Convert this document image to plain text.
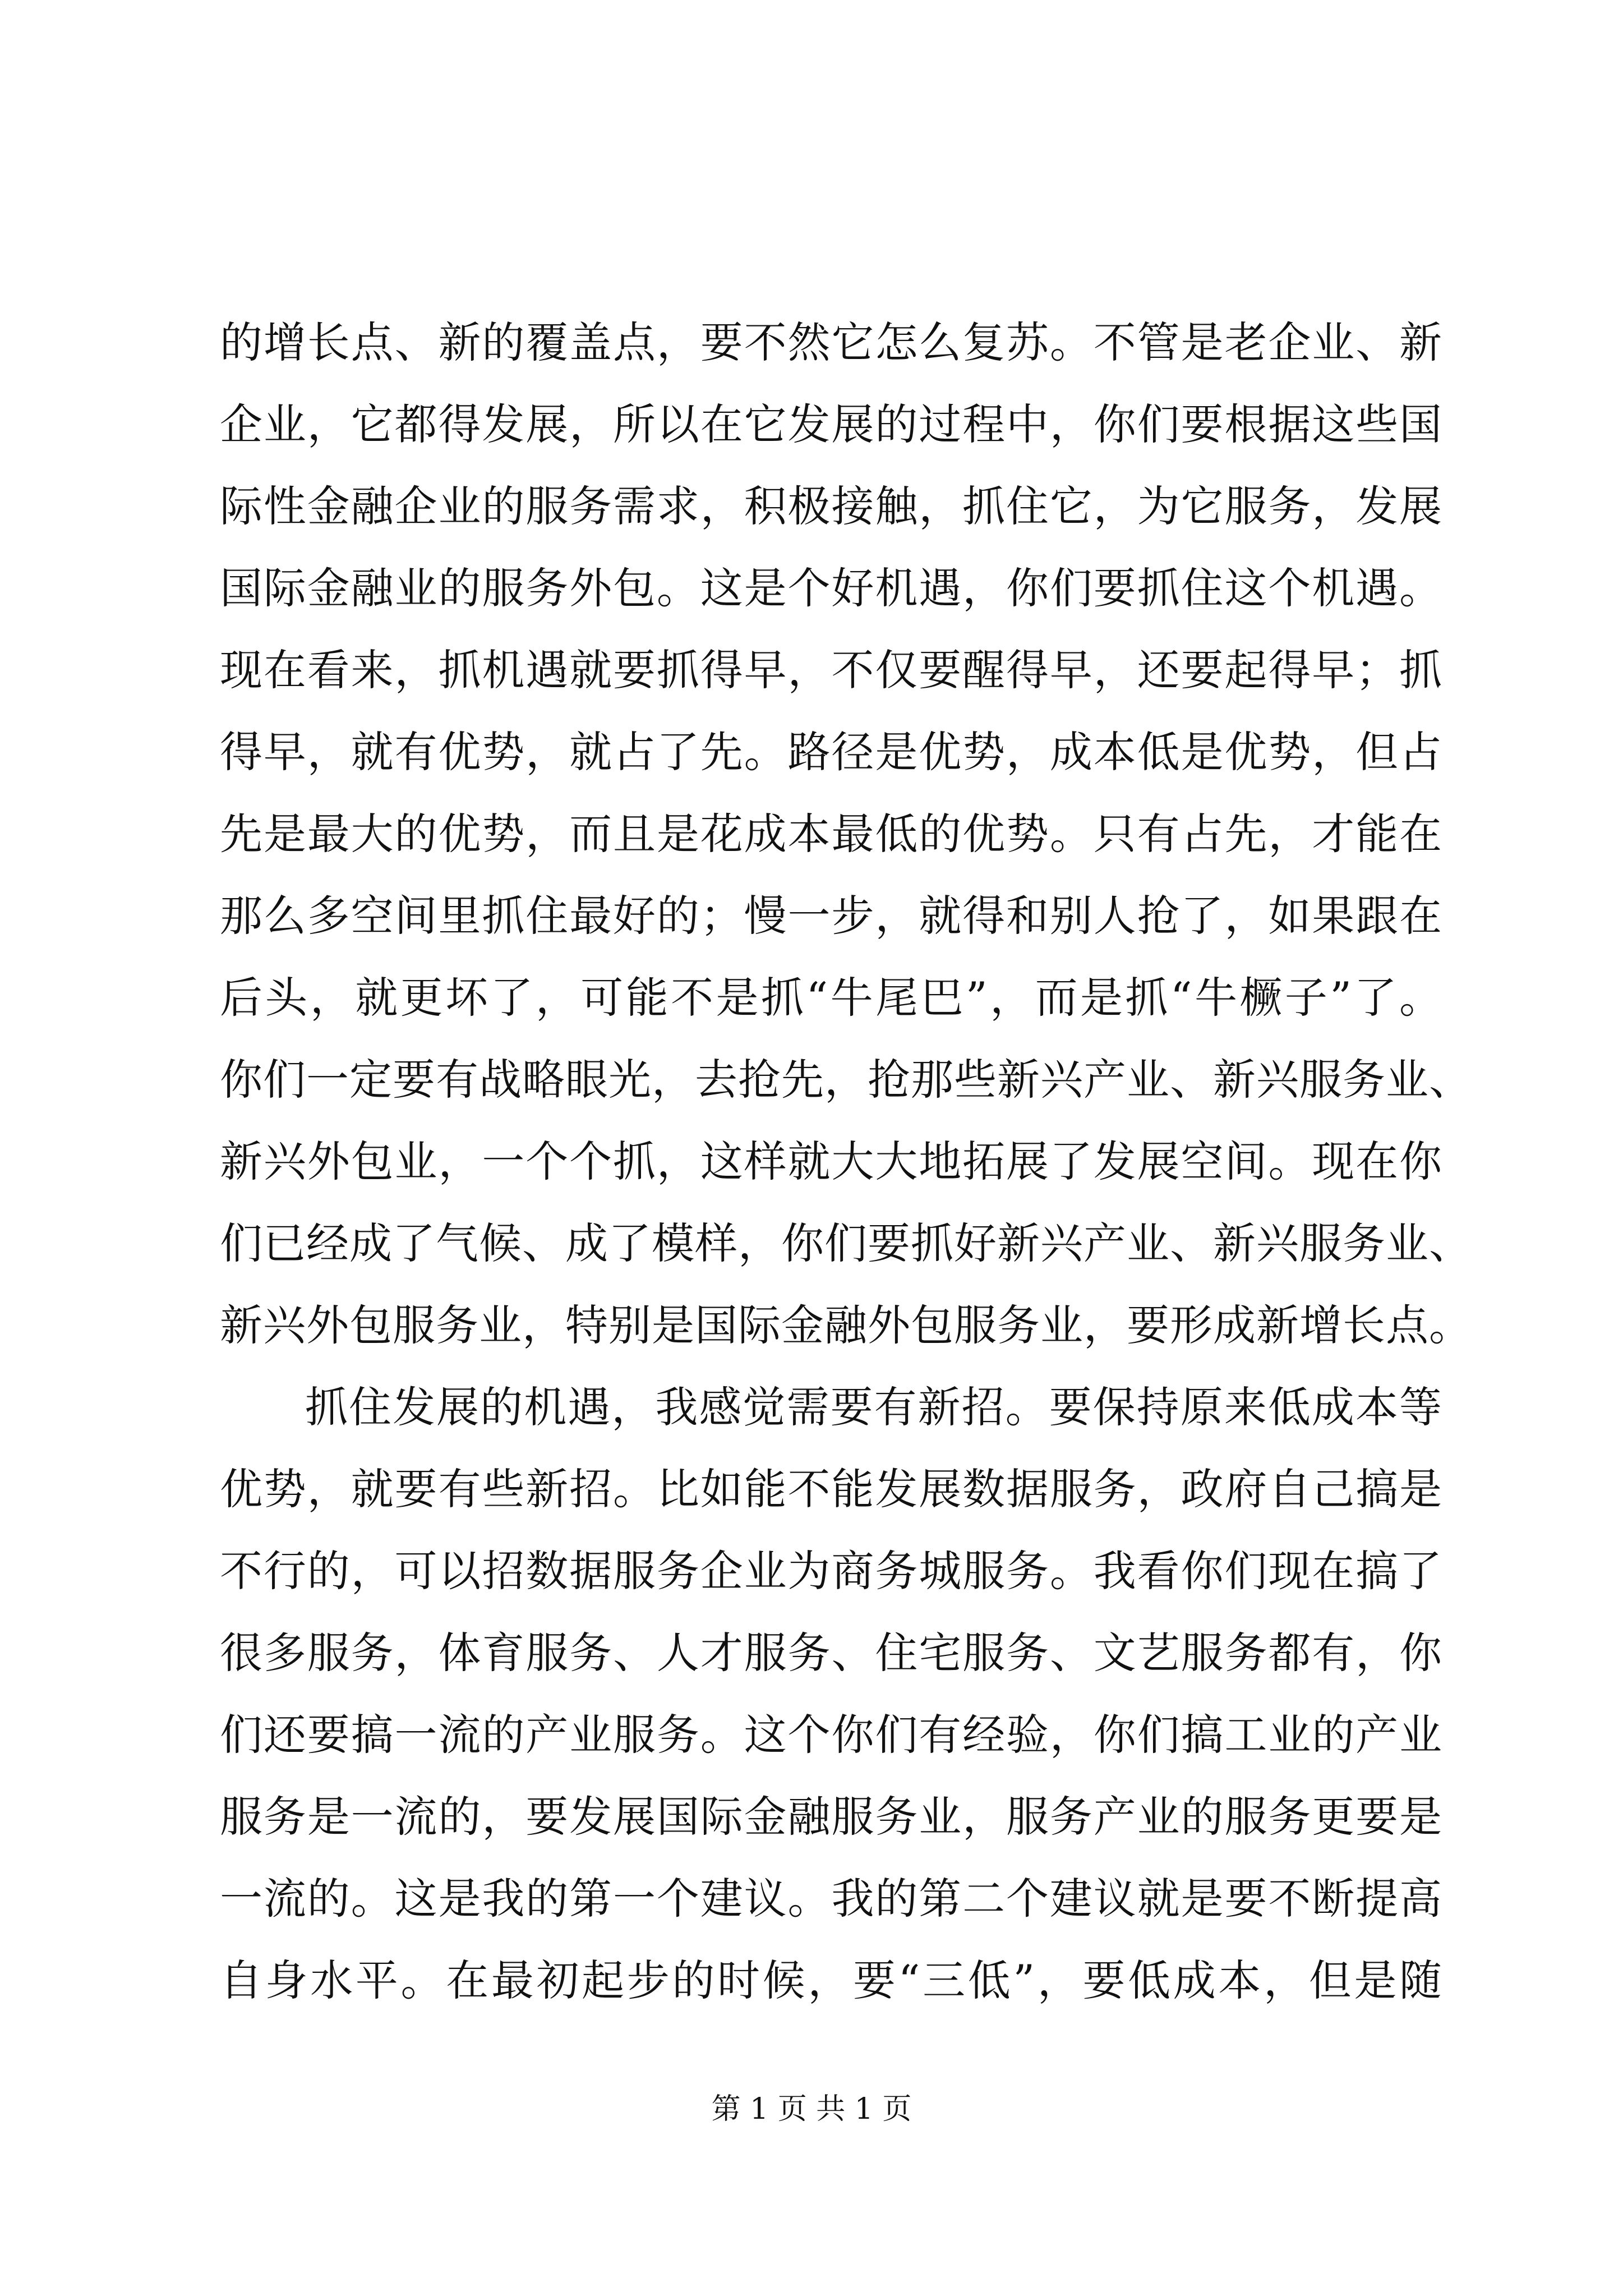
的增长点、新的覆盖点，要不然它怎么复苏。不管是老企业、新
企业，它都得发展，所以在它发展的过程中，你们要根据这些国
际性金融企业的服务需求，积极接触，抓住它，为它服务，发展
国际金融业的服务外包。这是个好机遇，你们要抓住这个机遇。
现在看来，抓机遇就要抓得早，不仅要醒得早，还要起得早；抓
得早，就有优势，就占了先。路径是优势，成本低是优势，但占
先是最大的优势，而且是花成本最低的优势。只有占先，才能在
那么多空间里抓住最好的；慢一步，就得和别人抢了，如果跟在
后头，就更坏了，可能不是抓“牛尾巴”，而是抓“牛橛子”了。
你们一定要有战略眼光，去抢先，抢那些新兴产业、新兴服务业、
新兴外包业，一个个抓，这样就大大地拓展了发展空间。现在你
们已经成了气候、成了模样，你们要抓好新兴产业、新兴服务业、
新兴外包服务业，特别是国际金融外包服务业，要形成新增长点。
抓住发展的机遇，我感觉需要有新招。要保持原来低成本等
优势，就要有些新招。比如能不能发展数据服务，政府自己搞是
不行的，可以招数据服务企业为商务城服务。我看你们现在搞了
很多服务，体育服务、人才服务、住宅服务、文艺服务都有，你
们还要搞一流的产业服务。这个你们有经验，你们搞工业的产业
服务是一流的，要发展国际金融服务业，服务产业的服务更要是
一流的。这是我的第一个建议。我的第二个建议就是要不断提高
自身水平。在最初起步的时候，要“三低”，要低成本，但是随
第 1 页 共 1 页
